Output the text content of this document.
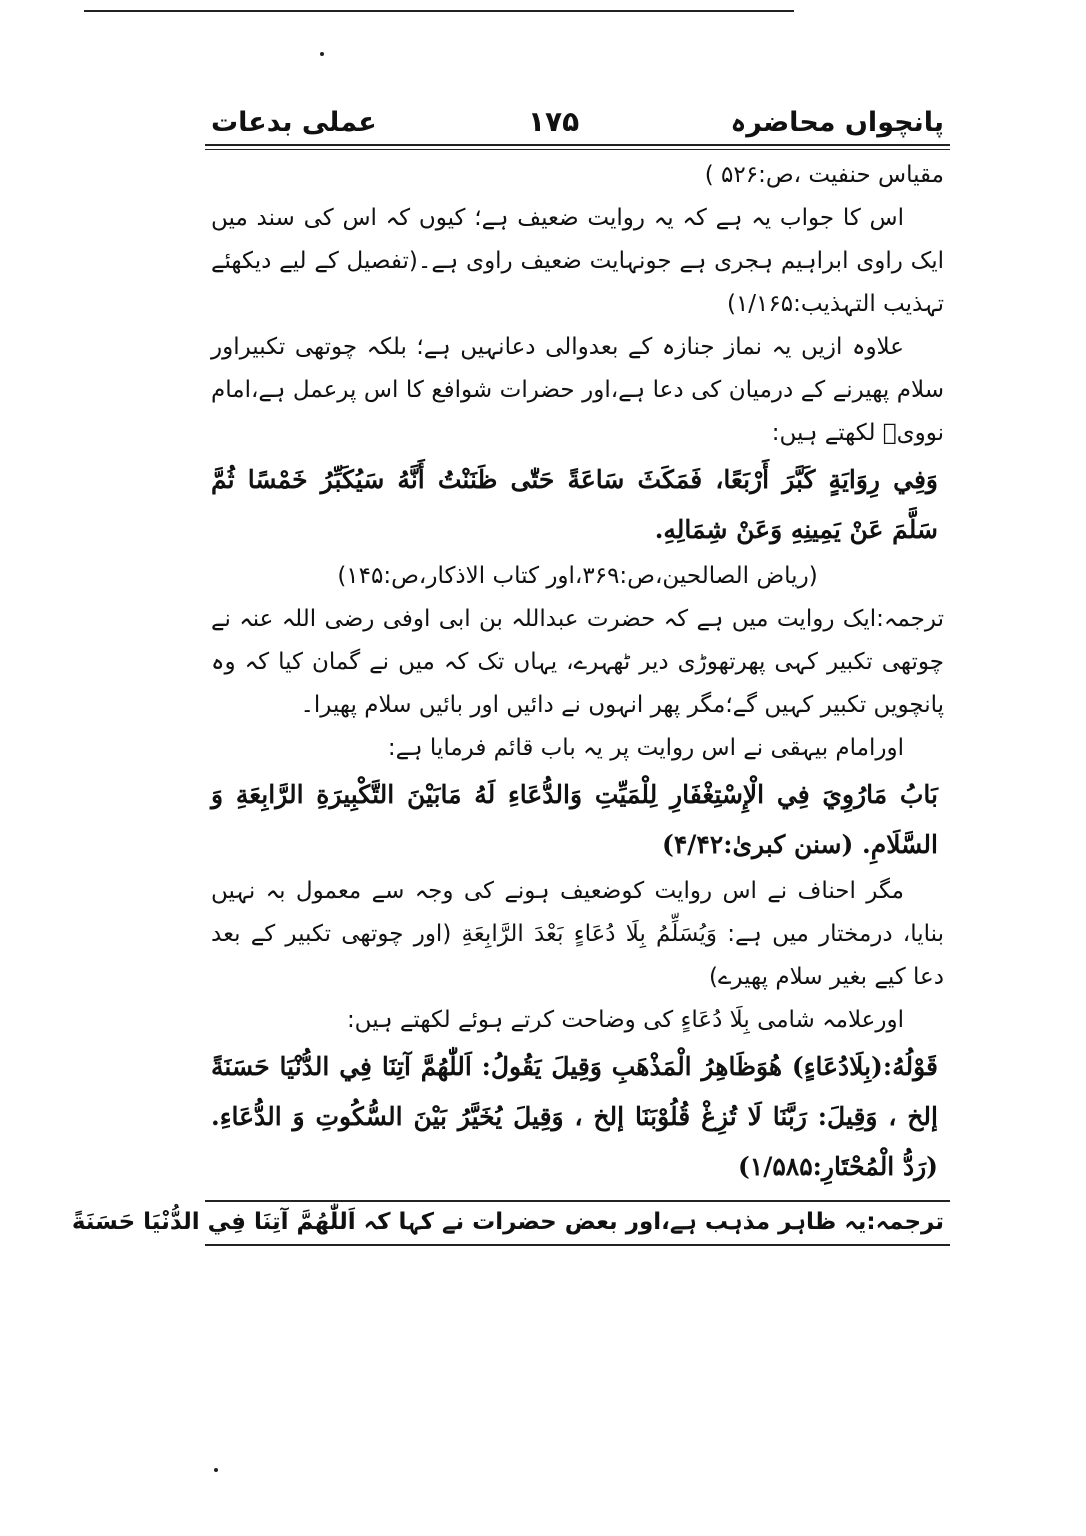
پانچواں محاضرہ
۱۷۵
عملی بدعات

مقیاس حنفیت ،ص:۵۲۶ )

اس کا جواب یہ ہے کہ یہ روایت ضعیف ہے؛ کیوں کہ اس کی سند میں ایک راوی ابراہیم ہجری ہے جونہایت ضعیف راوی ہے۔(تفصیل کے لیے دیکھئے تہذیب التہذیب:۱/۱۶۵)

علاوہ ازیں یہ نماز جنازہ کے بعدوالی دعانہیں ہے؛ بلکہ چوتھی تکبیراور سلام پھیرنے کے درمیان کی دعا ہے،اور حضرات شوافع کا اس پرعمل ہے،امام نوویؒ لکھتے ہیں:

وَفِي رِوَايَةٍ كَبَّرَ أَرْبَعًا، فَمَكَثَ سَاعَةً حَتّٰى ظَنَنْتُ أَنَّهُ سَيُكَبِّرُ خَمْسًا ثُمَّ سَلَّمَ عَنْ يَمِينِهِ وَعَنْ شِمَالِهِ.

(ریاض الصالحین،ص:۳۶۹،اور کتاب الاذکار،ص:۱۴۵)

ترجمہ:ایک روایت میں ہے کہ حضرت عبداللہ بن ابی اوفی رضی اللہ عنہ نے چوتھی تکبیر کہی پھرتھوڑی دیر ٹھہرے، یہاں تک کہ میں نے گمان کیا کہ وہ پانچویں تکبیر کہیں گے؛مگر پھر انہوں نے دائیں اور بائیں سلام پھیرا۔

اورامام بیہقی نے اس روایت پر یہ باب قائم فرمایا ہے:

بَابُ مَارُوِيَ فِي الْإِسْتِغْفَارِ لِلْمَيِّتِ وَالدُّعَاءِ لَهُ مَابَيْنَ التَّكْبِيرَةِ الرَّابِعَةِ وَ السَّلَامِ. (سنن کبریٰ:۴/۴۲)

مگر احناف نے اس روایت کوضعیف ہونے کی وجہ سے معمول بہ نہیں بنایا، درمختار میں ہے: وَيُسَلِّمُ بِلَا دُعَاءٍ بَعْدَ الرَّابِعَةِ (اور چوتھی تکبیر کے بعد دعا کیے بغیر سلام پھیرے)

اورعلامہ شامی بِلَا دُعَاءٍ کی وضاحت کرتے ہوئے لکھتے ہیں:

قَوْلُهُ:(بِلَادُعَاءٍ) هُوَظَاهِرُ الْمَذْهَبِ وَقِيلَ يَقُولُ: اَللّٰهُمَّ آتِنَا فِي الدُّنْيَا حَسَنَةً إلخ ، وَقِيلَ: رَبَّنَا لَا تُزِغْ قُلُوْبَنَا إلخ ، وَقِيلَ يُخَيَّرُ بَيْنَ السُّكُوتِ وَ الدُّعَاءِ.(رَدُّ الْمُحْتَارِ:۱/۵۸۵)

ترجمہ:یہ ظاہر مذہب ہے،اور بعض حضرات نے کہا کہ اَللّٰهُمَّ آتِنَا فِي الدُّنْيَا حَسَنَةً
